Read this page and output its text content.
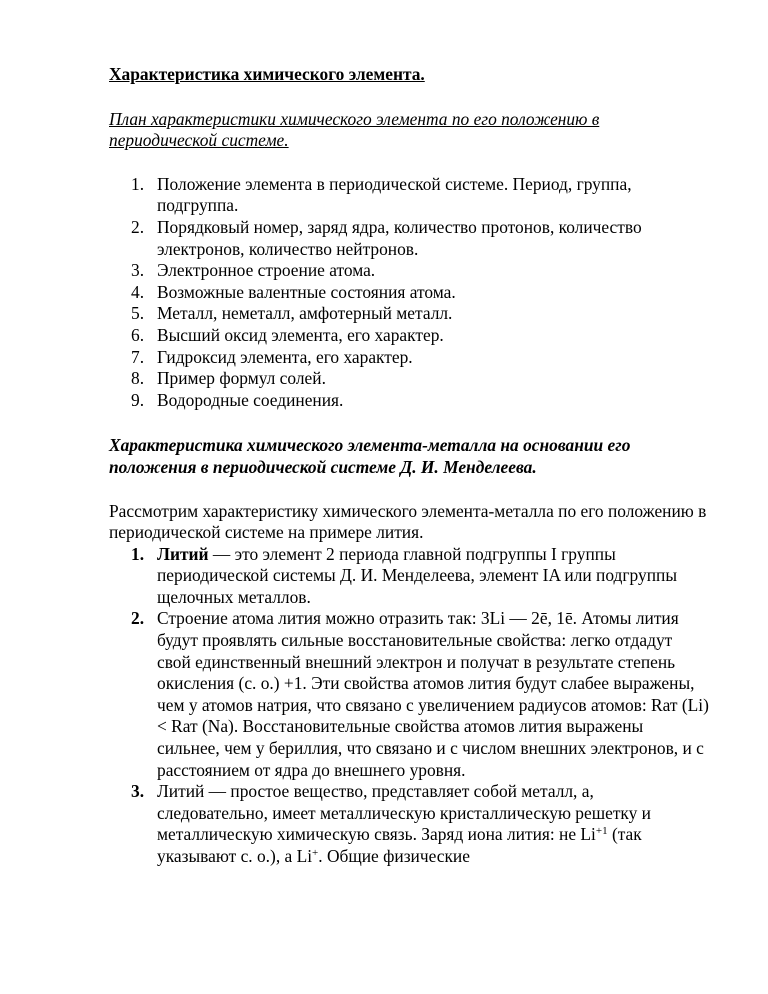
Характеристика химического элемента.
План характеристики химического элемента по его положению в периодической системе.
1. Положение элемента в периодической системе. Период, группа, подгруппа.
2. Порядковый номер, заряд ядра, количество протонов, количество электронов, количество нейтронов.
3. Электронное строение атома.
4. Возможные валентные состояния атома.
5. Металл, неметалл, амфотерный металл.
6. Высший оксид элемента, его характер.
7. Гидроксид элемента, его характер.
8. Пример формул солей.
9. Водородные соединения.
Характеристика химического элемента-металла на основании его положения в периодической системе Д. И. Менделеева.

Рассмотрим характеристику химического элемента-металла по его положению в периодической системе на примере лития.

1. Литий — это элемент 2 периода главной подгруппы I группы периодической системы Д. И. Менделеева, элемент IA или подгруппы щелочных металлов.
2. Строение атома лития можно отразить так: 3Li — 2ē, 1ē. Атомы лития будут проявлять сильные восстановительные свойства: легко отдадут свой единственный внешний электрон и получат в результате степень окисления (с. о.) +1. Эти свойства атомов лития будут слабее выражены, чем у атомов натрия, что связано с увеличением радиусов атомов: Rат (Li) < Rат (Na). Восстановительные свойства атомов лития выражены сильнее, чем у бериллия, что связано и с числом внешних электронов, и с расстоянием от ядра до внешнего уровня.
3. Литий — простое вещество, представляет собой металл, а, следовательно, имеет металлическую кристаллическую решетку и металлическую химическую связь. Заряд иона лития: не $Li^{+1}$ (так указывают с. о.), а Li+. Общие физические
